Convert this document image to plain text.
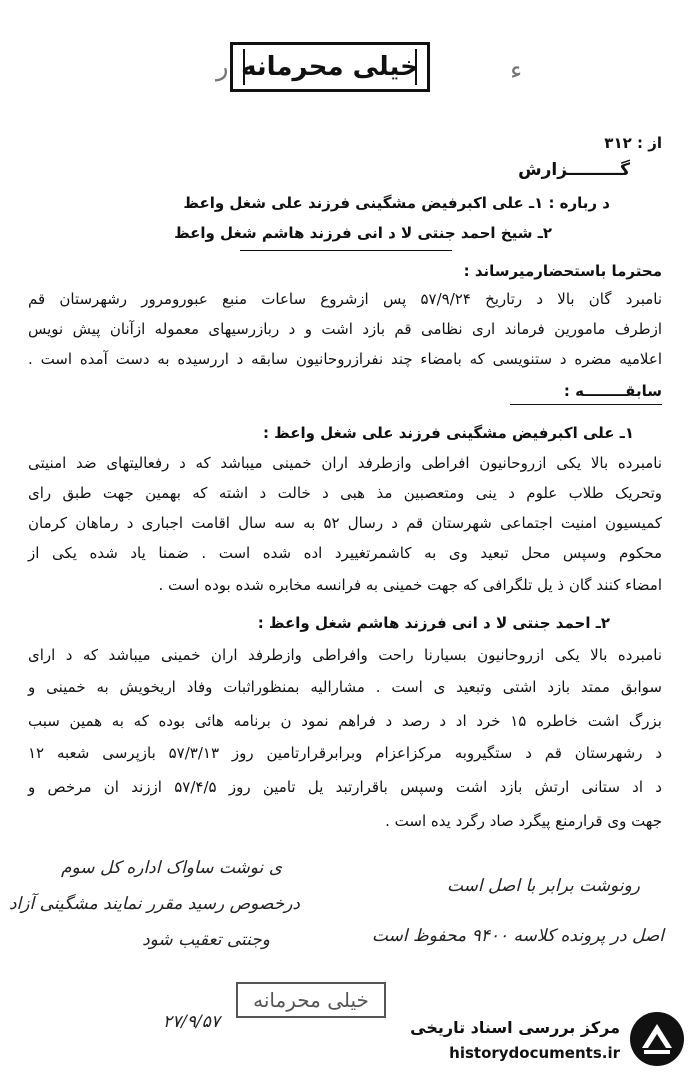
خیلی محرمانه
ر	ء
از : ۳۱۲
گـــــــــزارش
د رباره : ۱ـ علی اکبرفیض مشگینی فرزند علی شغل واعظ
۲ـ شیخ احمد جنتی لا د انی فرزند هاشم شغل واعظ
محترما باستحضارمیرساند :
نامبرد گان بالا د رتاریخ ۵۷/۹/۲۴ پس ازشروع ساعات منبع عبورومرور رشهرستان قم
ازطرف مامورین فرماند اری نظامی قم بازد اشت و د ربازرسیهای معموله ازآنان پیش نویس
اعلامیه مضره د ستنویسی که بامضاء چند نفرازروحانیون سابقه د اررسیده به دست آمده است .
سابقــــــــه :
۱ـ علی اکبرفیض مشگینی فرزند علی شغل واعظ :
نامبرده بالا یکی ازروحانیون افراطی وازطرفد اران خمینی میباشد که د رفعالیتهای ضد امنیتی
وتحریک طلاب علوم د ینی ومتعصبین مذ هبی د خالت د اشته که بهمین جهت طبق رای
کمیسیون امنیت اجتماعی شهرستان قم د رسال ۵۲ به سه سال اقامت اجباری د رماهان کرمان
محکوم وسپس محل تبعید وی به کاشمرتغییرد اده شده است . ضمنا یاد شده یکی از
امضاء کنند گان ذ یل تلگرافی که جهت خمینی به فرانسه مخابره شده بوده است .
۲ـ احمد جنتی لا د انی فرزند هاشم شغل واعظ :
نامبرده بالا یکی ازروحانیون بسیارنا راحت وافراطی وازطرفد اران خمینی میباشد که د ارای
سوابق ممتد بازد اشتی وتبعید ی است . مشارالیه بمنظوراثبات وفاد اریخویش به خمینی و
بزرگ اشت خاطره ۱۵ خرد اد د رصد د فراهم نمود ن برنامه هائی بوده که به همین سبب
د رشهرستان قم د ستگیروبه مرکزاعزام وبرابرقرارتامین روز ۵۷/۳/۱۳ بازپرسی شعبه ۱۲
د اد ستانی ارتش بازد اشت وسپس باقرارتبد یل تامین روز ۵۷/۴/۵ اززند ان مرخص و
جهت وی قرارمنع پیگرد صاد رگرد یده است .
ی نوشت ساواک اداره کل سوم
درخصوص رسید مقرر نمایند مشگینی آزاد
وجنتی تعقیب شود
رونوشت برابر با اصل است
اصل در پرونده کلاسه ۹۴۰۰ محفوظ است
خیلی محرمانه
۲۷/۹/۵۷	مرکز بررسی اسناد تاریخی
historydocuments.ir
